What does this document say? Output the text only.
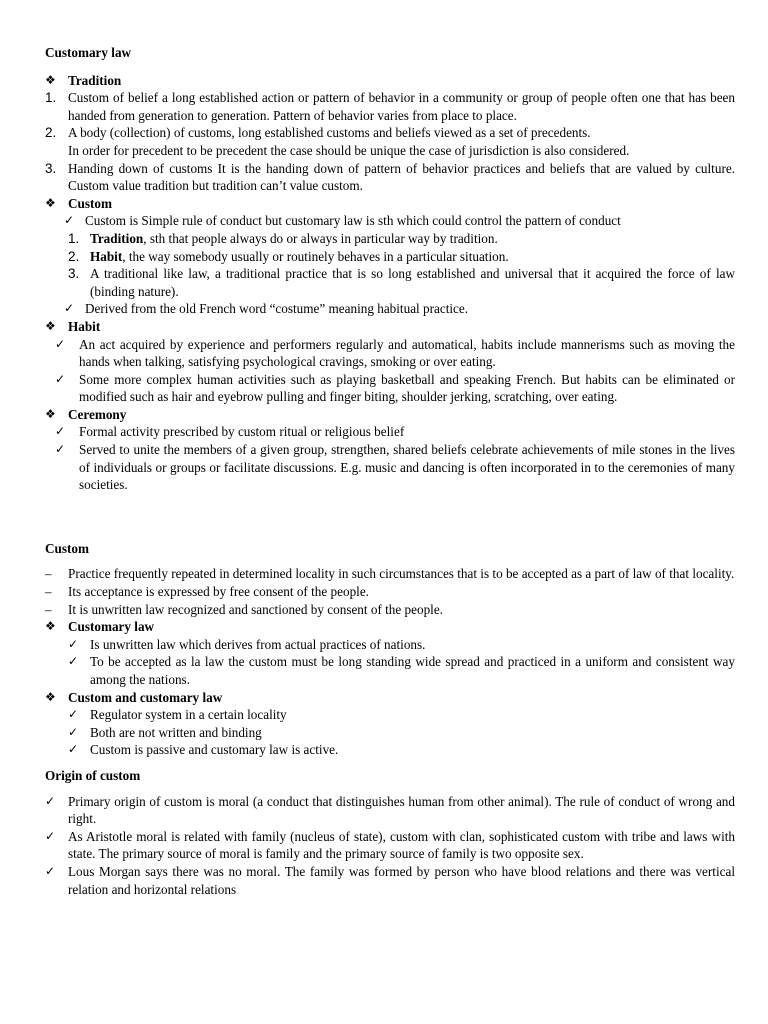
Customary law
❖ Tradition
1. Custom of belief a long established action or pattern of behavior in a community or group of people often one that has been handed from generation to generation. Pattern of behavior varies from place to place.
2. A body (collection) of customs, long established customs and beliefs viewed as a set of precedents.
In order for precedent to be precedent the case should be unique the case of jurisdiction is also considered.
3. Handing down of customs It is the handing down of pattern of behavior practices and beliefs that are valued by culture. Custom value tradition but tradition can’t value custom.
❖ Custom
✓ Custom is Simple rule of conduct but customary law is sth which could control the pattern of conduct
1. Tradition, sth that people always do or always in particular way by tradition.
2. Habit, the way somebody usually or routinely behaves in a particular situation.
3. A traditional like law, a traditional practice that is so long established and universal that it acquired the force of law (binding nature).
✓ Derived from the old French word “costume” meaning habitual practice.
❖ Habit
✓ An act acquired by experience and performers regularly and automatical, habits include mannerisms such as moving the hands when talking, satisfying psychological cravings, smoking or over eating.
✓ Some more complex human activities such as playing basketball and speaking French. But habits can be eliminated or modified such as hair and eyebrow pulling and finger biting, shoulder jerking, scratching, over eating.
❖ Ceremony
✓ Formal activity prescribed by custom ritual or religious belief
✓ Served to unite the members of a given group, strengthen, shared beliefs celebrate achievements of mile stones in the lives of individuals or groups or facilitate discussions. E.g. music and dancing is often incorporated in to the ceremonies of many societies.
Custom
– Practice frequently repeated in determined locality in such circumstances that is to be accepted as a part of law of that locality.
– Its acceptance is expressed by free consent of the people.
– It is unwritten law recognized and sanctioned by consent of the people.
❖ Customary law
✓ Is unwritten law which derives from actual practices of nations.
✓ To be accepted as la law the custom must be long standing wide spread and practiced in a uniform and consistent way among the nations.
❖ Custom and customary law
✓ Regulator system in a certain locality
✓ Both are not written and binding
✓ Custom is passive and customary law is active.
Origin of custom
✓ Primary origin of custom is moral (a conduct that distinguishes human from other animal). The rule of conduct of wrong and right.
✓ As Aristotle moral is related with family (nucleus of state), custom with clan, sophisticated custom with tribe and laws with state. The primary source of moral is family and the primary source of family is two opposite sex.
✓ Lous Morgan says there was no moral. The family was formed by person who have blood relations and there was vertical relation and horizontal relations
